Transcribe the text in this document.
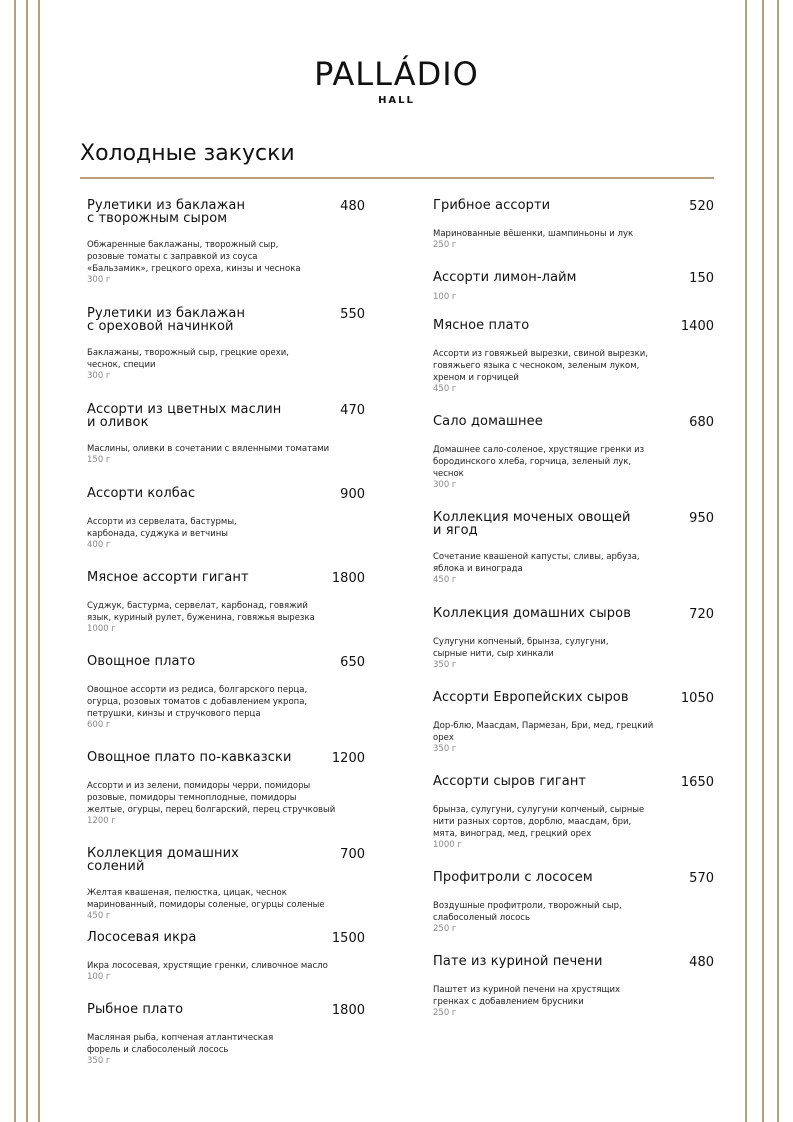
PALLÁDIO
HALL
Холодные закуски
Рулетики из баклажан
с творожным сыром
480
Обжаренные баклажаны, творожный сыр,
розовые томаты с заправкой из соуса
«Бальзамик», грецкого ореха, кинзы и чеснока
300 г
Рулетики из баклажан
с ореховой начинкой
550
Баклажаны, творожный сыр, грецкие орехи,
чеснок, специи
300 г
Ассорти из цветных маслин
и оливок
470
Маслины, оливки в сочетании с вяленными томатами
150 г
Ассорти колбас	900
Ассорти из сервелата, бастурмы,
карбонада, суджука и ветчины
400 г
Мясное ассорти гигант	1800
Суджук, бастурма, сервелат, карбонад, говяжий
язык, куриный рулет, буженина, говяжья вырезка
1000 г
Овощное плато	650
Овощное ассорти из редиса, болгарского перца,
огурца, розовых томатов с добавлением укропа,
петрушки, кинзы и стручкового перца
600 г
Овощное плато по-кавказски	1200
Ассорти и из зелени, помидоры черри, помидоры
розовые, помидоры темноплодные, помидоры
желтые, огурцы, перец болгарский, перец стручковый
1200 г
Коллекция домашних солений
700
Желтая квашеная, пелюстка, цицак, чеснок
маринованный, помидоры соленые, огурцы соленые
450 г
Лососевая икра	1500
Икра лососевая, хрустящие гренки, сливочное масло
100 г
Рыбное плато	1800
Масляная рыба, копченая атлантическая
форель и слабосоленый лосось
350 г
Грибное ассорти	520
Маринованные вёшенки, шампиньоны и лук
250 г
Ассорти лимон-лайм	150
100 г
Мясное плато	1400
Ассорти из говяжьей вырезки, свиной вырезки,
говяжьего языка с чесноком, зеленым луком,
хреном и горчицей
450 г
Сало домашнее	680
Домашнее сало-соленое, хрустящие гренки из
бородинского хлеба, горчица, зеленый лук,
чеснок
300 г
Коллекция моченых овощей
и ягод
950
Сочетание квашеной капусты, сливы, арбуза,
яблока и винограда
450 г
Коллекция домашних сыров	720
Сулугуни копченый, брынза, сулугуни,
сырные нити, сыр хинкали
350 г
Ассорти Европейских сыров	1050
Дор-блю, Маасдам, Пармезан, Бри, мед, грецкий
орех
350 г
Ассорти сыров гигант	1650
брынза, сулугуни, сулугуни копченый, сырные
нити разных сортов, дорблю, маасдам, бри,
мята, виноград, мед, грецкий орех
1000 г
Профитроли с лососем	570
Воздушные профитроли, творожный сыр,
слабосоленый лосось
250 г
Пате из куриной печени	480
Паштет из куриной печени на хрустящих
гренках с добавлением брусники
250 г
